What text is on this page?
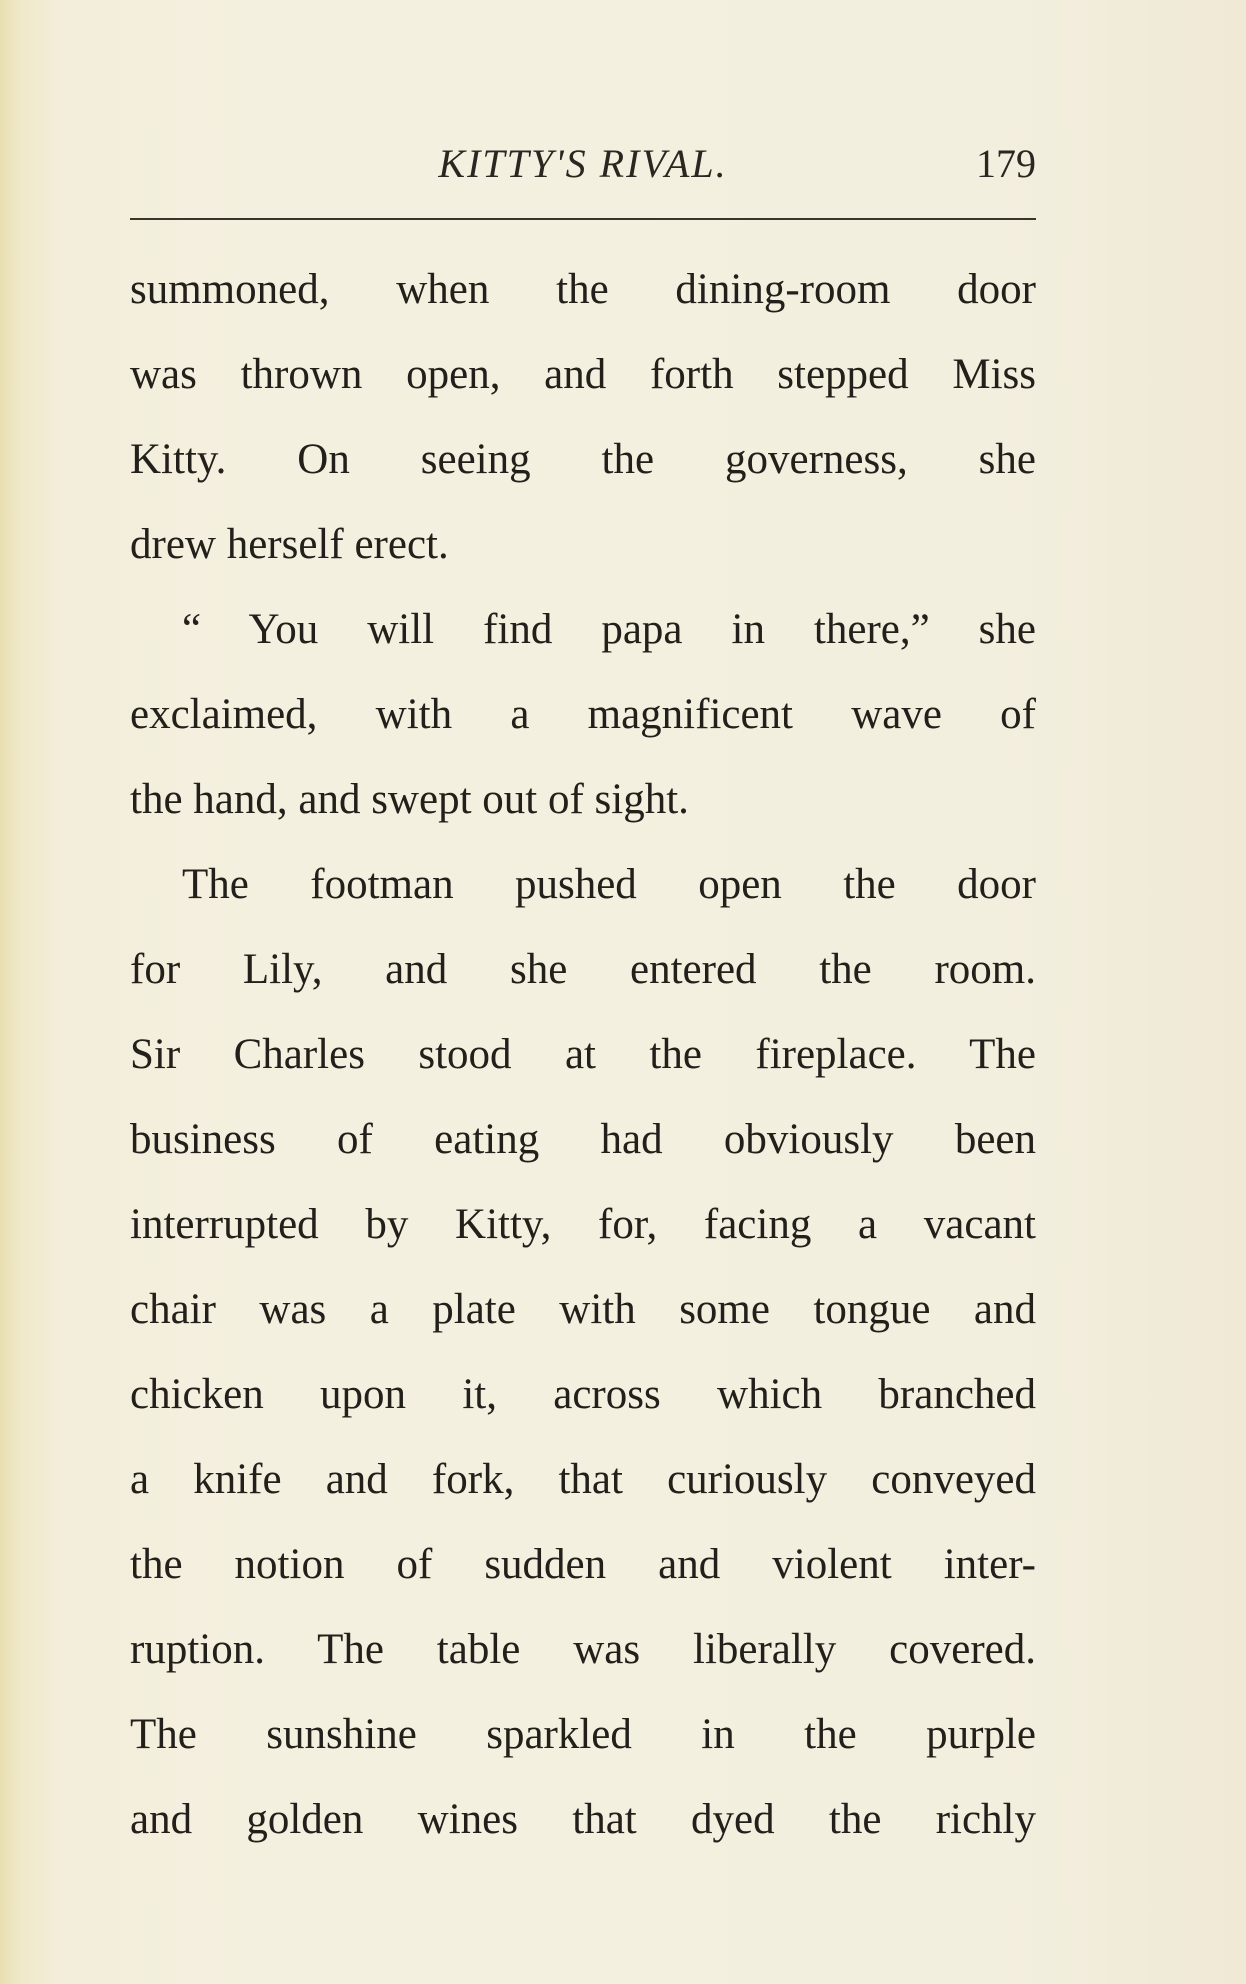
KITTY'S RIVAL.	179
summoned, when the dining-room door
was thrown open, and forth stepped Miss
Kitty. On seeing the governess, she
drew herself erect.
“ You will find papa in there,” she
exclaimed, with a magnificent wave of
the hand, and swept out of sight.
The footman pushed open the door
for Lily, and she entered the room.
Sir Charles stood at the fireplace. The
business of eating had obviously been
interrupted by Kitty, for, facing a vacant
chair was a plate with some tongue and
chicken upon it, across which branched
a knife and fork, that curiously conveyed
the notion of sudden and violent inter-
ruption. The table was liberally covered.
The sunshine sparkled in the purple
and golden wines that dyed the richly
